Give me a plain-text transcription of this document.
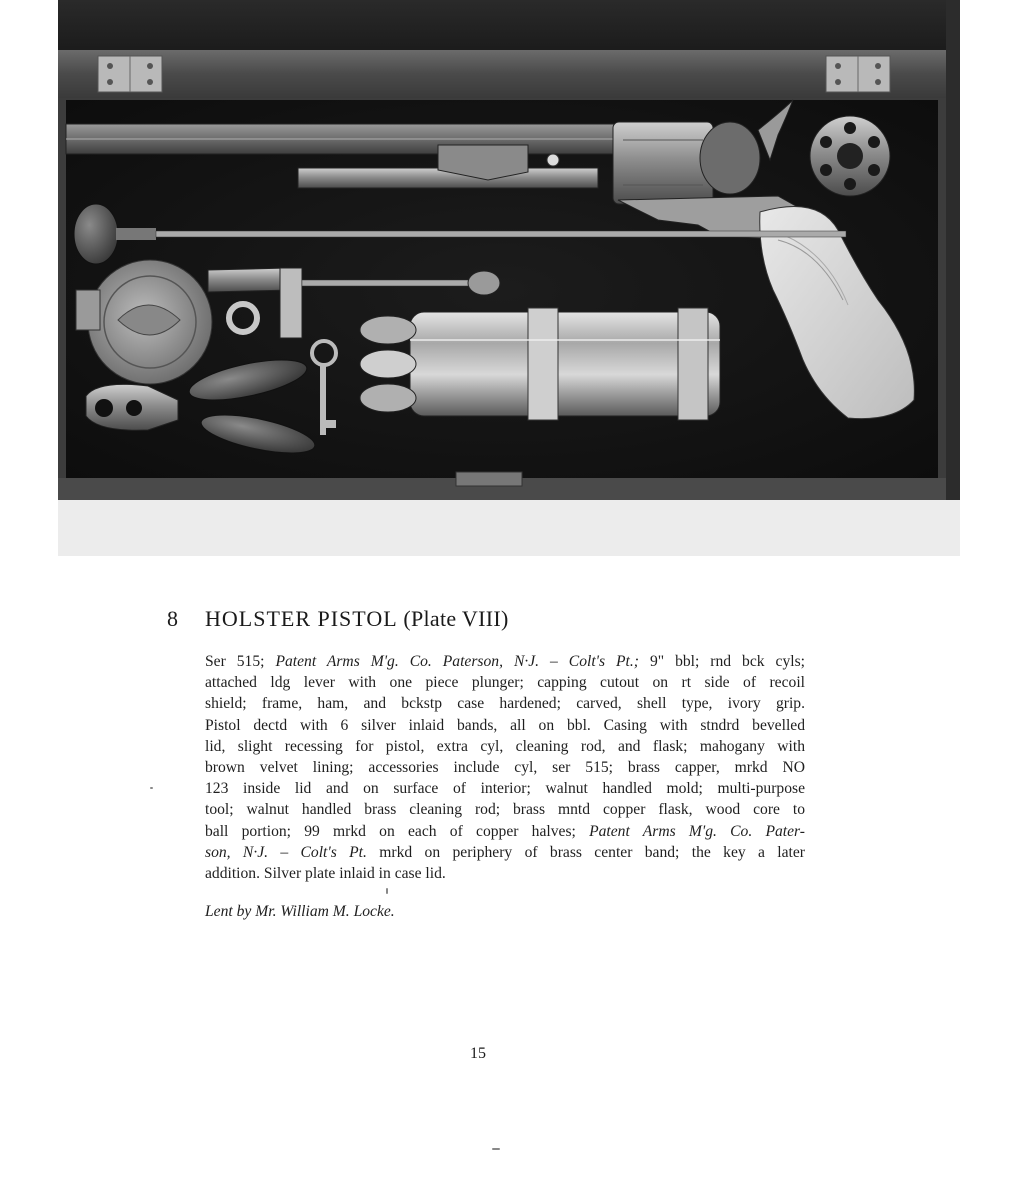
8 HOLSTER PISTOL (Plate VIII)
Ser 515; Patent Arms M'g. Co. Paterson, N·J. – Colt's Pt.; 9" bbl; rnd bck cyls;
attached ldg lever with one piece plunger; capping cutout on rt side of recoil
shield; frame, ham, and bckstp case hardened; carved, shell type, ivory grip.
Pistol dectd with 6 silver inlaid bands, all on bbl. Casing with stndrd bevelled
lid, slight recessing for pistol, extra cyl, cleaning rod, and flask; mahogany with
brown velvet lining; accessories include cyl, ser 515; brass capper, mrkd NO
123 inside lid and on surface of interior; walnut handled mold; multi-purpose
tool; walnut handled brass cleaning rod; brass mntd copper flask, wood core to
ball portion; 99 mrkd on each of copper halves; Patent Arms M'g. Co. Pater-
son, N·J. – Colt's Pt. mrkd on periphery of brass center band; the key a later
addition. Silver plate inlaid in case lid.
Lent by Mr. William M. Locke.
15
